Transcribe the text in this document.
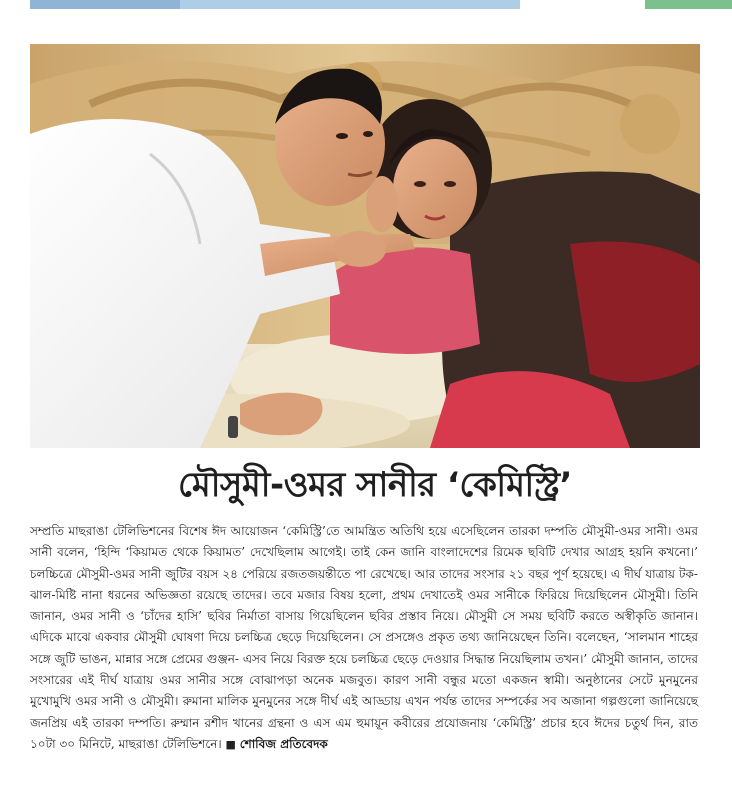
মৌসুমী-ওমর সানীর ‘কেমিস্ট্রি’
সম্প্রতি মাছরাঙা টেলিভিশনের বিশেষ ঈদ আয়োজন ‘কেমিস্ট্রি’তে আমন্ত্রিত অতিথি হয়ে এসেছিলেন তারকা দম্পতি মৌসুমী-ওমর সানী। ওমর সানী বলেন, ‘হিন্দি ‘কিয়ামত থেকে কিয়ামত’ দেখেছিলাম আগেই। তাই কেন জানি বাংলাদেশের রিমেক ছবিটি দেখার আগ্রহ হয়নি কখনো।’ চলচ্চিত্রে মৌসুমী-ওমর সানী জুটির বয়স ২৪ পেরিয়ে রজতজয়ন্তীতে পা রেখেছে। আর তাদের সংসার ২১ বছর পূর্ণ হয়েছে। এ দীর্ঘ যাত্রায় টক-ঝাল-মিষ্টি নানা ধরনের অভিজ্ঞতা রয়েছে তাদের। তবে মজার বিষয় হলো, প্রথম দেখাতেই ওমর সানীকে ফিরিয়ে দিয়েছিলেন মৌসুমী। তিনি জানান, ওমর সানী ও ‘চাঁদের হাসি’ ছবির নির্মাতা বাসায় গিয়েছিলেন ছবির প্রস্তাব নিয়ে। মৌসুমী সে সময় ছবিটি করতে অস্বীকৃতি জানান। এদিকে মাঝে একবার মৌসুমী ঘোষণা দিয়ে চলচ্চিত্র ছেড়ে দিয়েছিলেন। সে প্রসঙ্গেও প্রকৃত তথ্য জানিয়েছেন তিনি। বলেছেন, ‘সালমান শাহের সঙ্গে জুটি ভাঙন, মান্নার সঙ্গে প্রেমের গুঞ্জন- এসব নিয়ে বিরক্ত হয়ে চলচ্চিত্র ছেড়ে দেওয়ার সিদ্ধান্ত নিয়েছিলাম তখন।’ মৌসুমী জানান, তাদের সংসারের এই দীর্ঘ যাত্রায় ওমর সানীর সঙ্গে বোঝাপড়া অনেক মজবুত। কারণ সানী বন্ধুর মতো একজন স্বামী। অনুষ্ঠানের সেটে মুনমুনের মুখোমুখি ওমর সানী ও মৌসুমী। রুমানা মালিক মুনমুনের সঙ্গে দীর্ঘ এই আড্ডায় এখন পর্যন্ত তাদের সম্পর্কের সব অজানা গল্পগুলো জানিয়েছে জনপ্রিয় এই তারকা দম্পতি। রুম্মান রশীদ খানের গ্রন্থনা ও এস এম হুমায়ূন কবীরের প্রযোজনায় ‘কেমিস্ট্রি’ প্রচার হবে ঈদের চতুর্থ দিন, রাত ১০টা ৩০ মিনিটে, মাছরাঙা টেলিভিশনে। ■ শোবিজ প্রতিবেদক
